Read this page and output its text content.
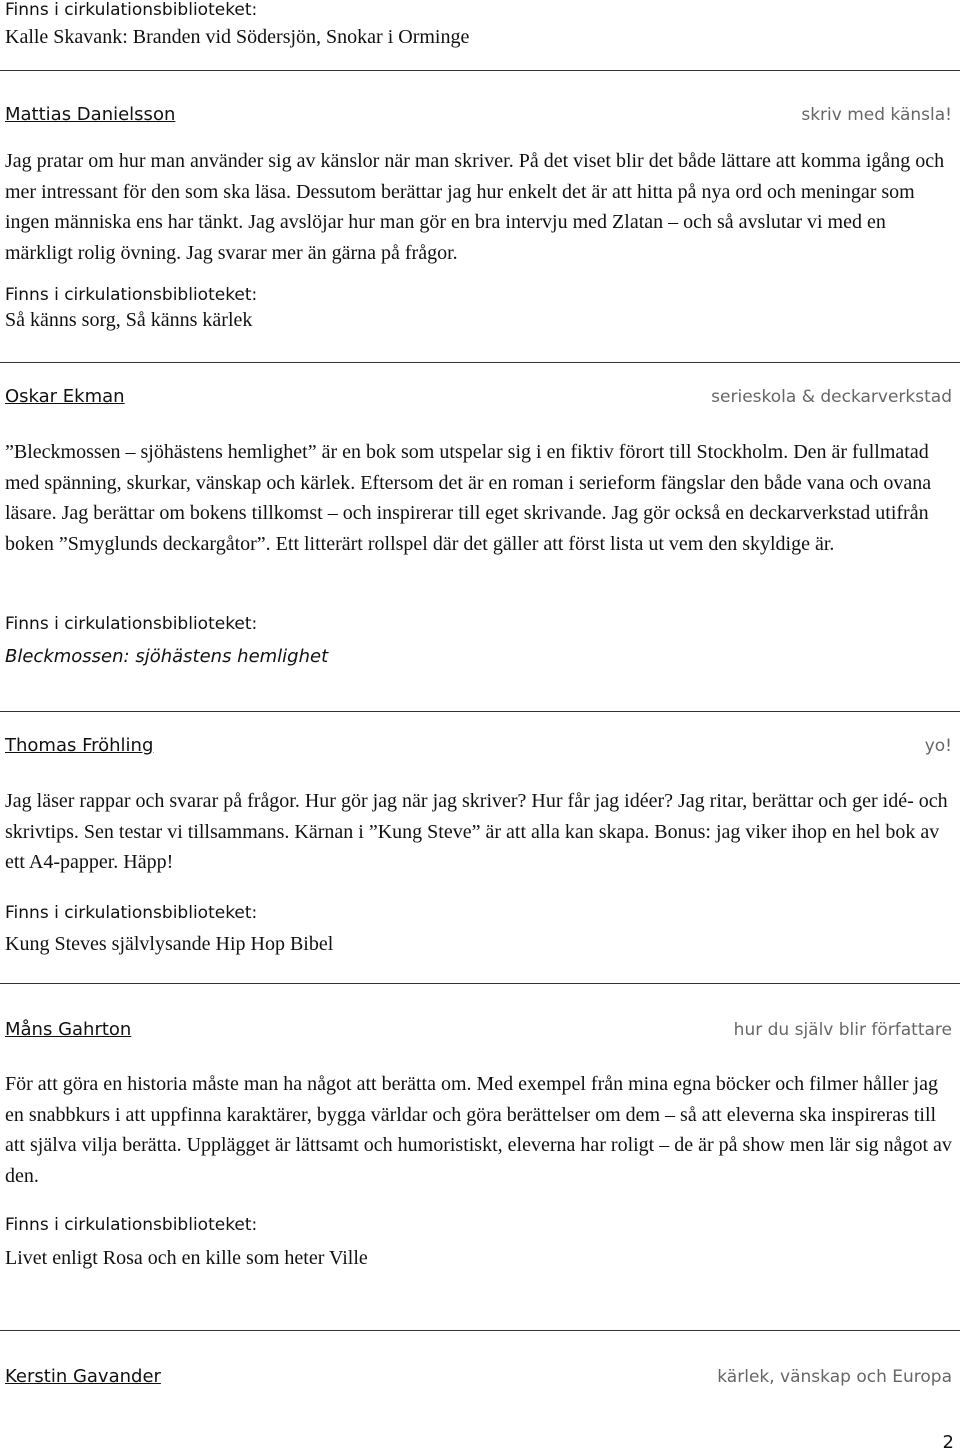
Finns i cirkulationsbiblioteket:
Kalle Skavank: Branden vid Södersjön, Snokar i Orminge
Mattias Danielsson	skriv med känsla!
Jag pratar om hur man använder sig av känslor när man skriver. På det viset blir det både lättare att komma igång och mer intressant för den som ska läsa. Dessutom berättar jag hur enkelt det är att hitta på nya ord och meningar som ingen människa ens har tänkt. Jag avslöjar hur man gör en bra intervju med Zlatan – och så avslutar vi med en märkligt rolig övning. Jag svarar mer än gärna på frågor.
Finns i cirkulationsbiblioteket:
Så känns sorg, Så känns kärlek
Oskar Ekman	serieskola & deckarverkstad
”Bleckmossen – sjöhästens hemlighet” är en bok som utspelar sig i en fiktiv förort till Stockholm. Den är fullmatad med spänning, skurkar, vänskap och kärlek. Eftersom det är en roman i serieform fängslar den både vana och ovana läsare. Jag berättar om bokens tillkomst – och inspirerar till eget skrivande. Jag gör också en deckarverkstad utifrån boken ”Smyglunds deckargåtor”. Ett litterärt rollspel där det gäller att först lista ut vem den skyldige är.
Finns i cirkulationsbiblioteket:
Bleckmossen: sjöhästens hemlighet
Thomas Fröhling	yo!
Jag läser rappar och svarar på frågor. Hur gör jag när jag skriver? Hur får jag idéer? Jag ritar, berättar och ger idé- och skrivtips. Sen testar vi tillsammans. Kärnan i ”Kung Steve” är att alla kan skapa. Bonus: jag viker ihop en hel bok av ett A4-papper. Häpp!
Finns i cirkulationsbiblioteket:
Kung Steves självlysande Hip Hop Bibel
Måns Gahrton	hur du själv blir författare
För att göra en historia måste man ha något att berätta om. Med exempel från mina egna böcker och filmer håller jag en snabbkurs i att uppfinna karaktärer, bygga världar och göra berättelser om dem – så att eleverna ska inspireras till att själva vilja berätta. Upplägget är lättsamt och humoristiskt, eleverna har roligt – de är på show men lär sig något av den.
Finns i cirkulationsbiblioteket:
Livet enligt Rosa och en kille som heter Ville
Kerstin Gavander	kärlek, vänskap och Europa
2
